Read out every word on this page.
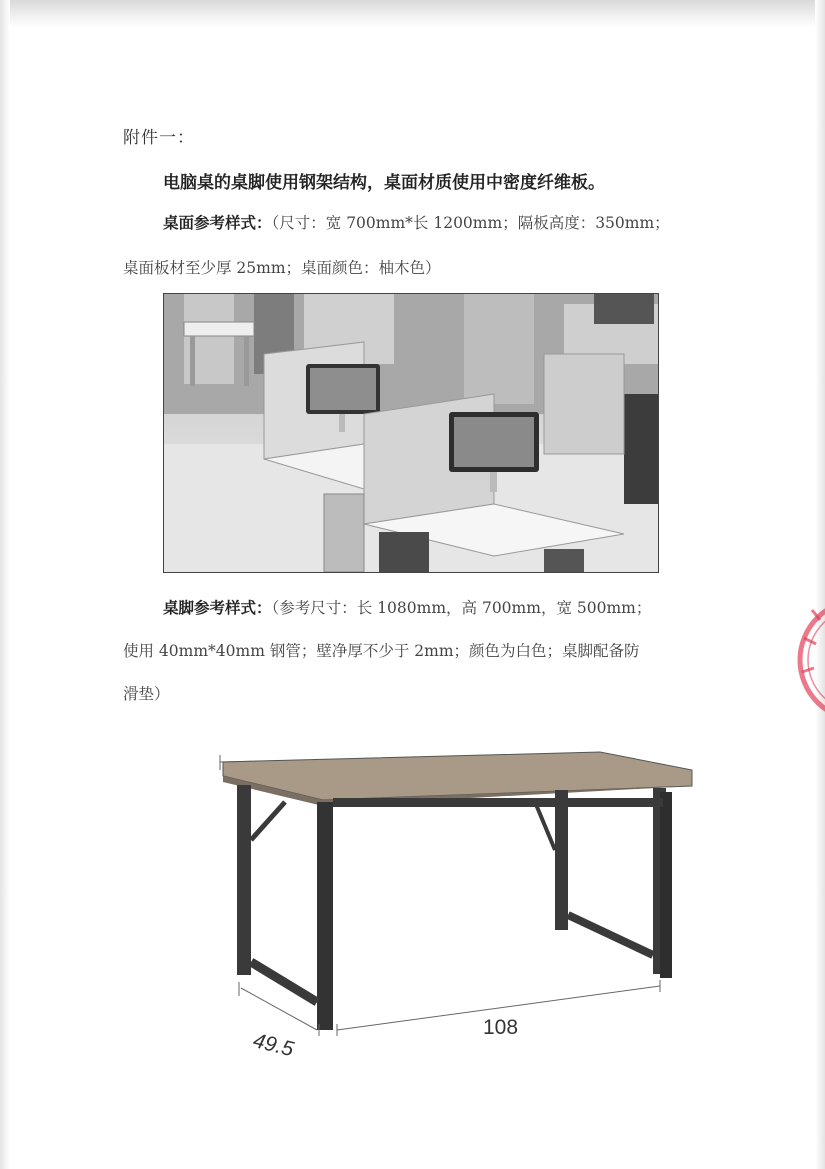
附件一：
电脑桌的桌脚使用钢架结构，桌面材质使用中密度纤维板。
桌面参考样式：（尺寸：宽 700mm*长 1200mm；隔板高度：350mm；
桌面板材至少厚 25mm；桌面颜色：柚木色）
桌脚参考样式：（参考尺寸：长 1080mm，高 700mm，宽 500mm；
使用 40mm*40mm 钢管；壁净厚不少于 2mm；颜色为白色；桌脚配备防
滑垫）
49.5
108
